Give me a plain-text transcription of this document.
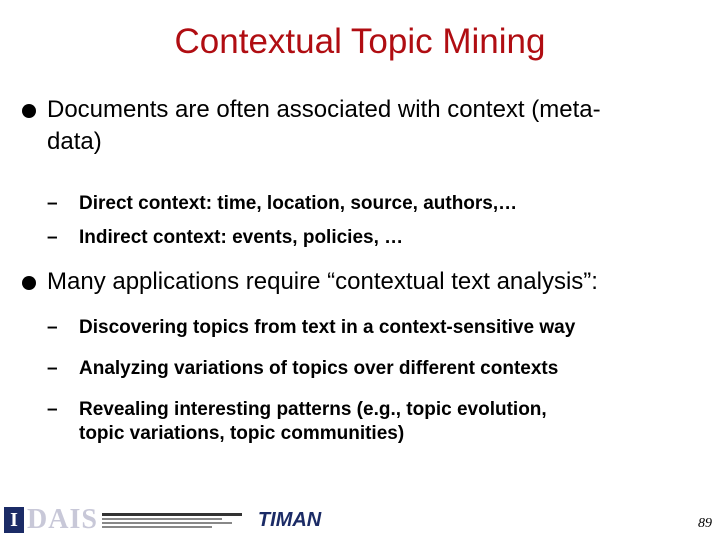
Contextual Topic Mining
Documents are often associated with context (meta-
data)
–	Direct context: time, location, source, authors,…
–	Indirect context: events, policies, …
Many applications require “contextual text analysis”:
–	Discovering topics from text in a context-sensitive way
–	Analyzing variations of topics over different contexts
–	Revealing interesting patterns (e.g., topic evolution,
topic variations, topic communities)
I DAIS	TIMAN	89
